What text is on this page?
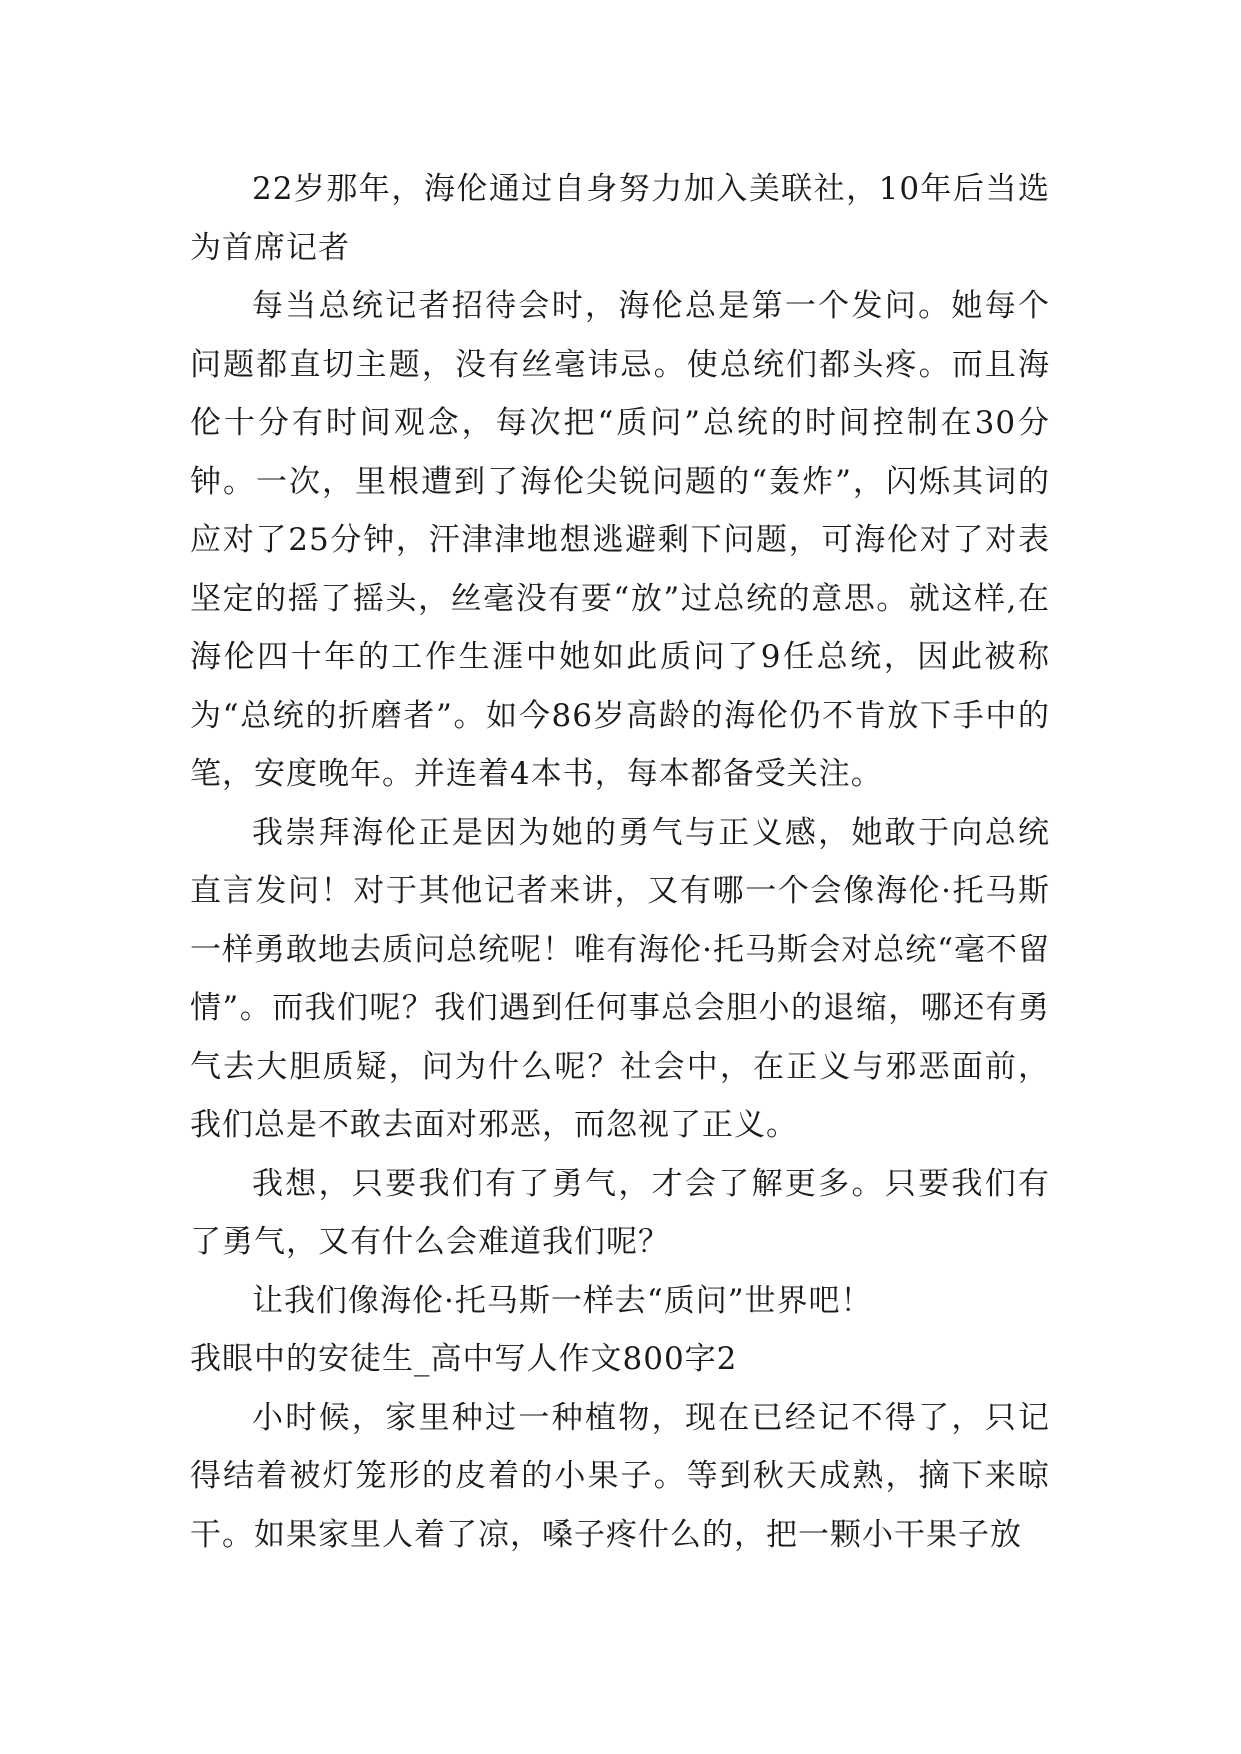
22岁那年，海伦通过自身努力加入美联社，10年后当选为首席记者

每当总统记者招待会时，海伦总是第一个发问。她每个问题都直切主题，没有丝毫讳忌。使总统们都头疼。而且海伦十分有时间观念，每次把“质问”总统的时间控制在30分钟。一次，里根遭到了海伦尖锐问题的“轰炸”，闪烁其词的应对了25分钟，汗津津地想逃避剩下问题，可海伦对了对表坚定的摇了摇头，丝毫没有要“放”过总统的意思。就这样,在海伦四十年的工作生涯中她如此质问了9任总统，因此被称为“总统的折磨者”。如今86岁高龄的海伦仍不肯放下手中的笔，安度晚年。并连着4本书，每本都备受关注。

我崇拜海伦正是因为她的勇气与正义感，她敢于向总统直言发问！对于其他记者来讲，又有哪一个会像海伦·托马斯一样勇敢地去质问总统呢！唯有海伦·托马斯会对总统“毫不留情”。而我们呢？我们遇到任何事总会胆小的退缩，哪还有勇气去大胆质疑，问为什么呢？社会中，在正义与邪恶面前，我们总是不敢去面对邪恶，而忽视了正义。

我想，只要我们有了勇气，才会了解更多。只要我们有了勇气，又有什么会难道我们呢？

让我们像海伦·托马斯一样去“质问”世界吧！

我眼中的安徒生_高中写人作文800字2

小时候，家里种过一种植物，现在已经记不得了，只记得结着被灯笼形的皮着的小果子。等到秋天成熟，摘下来晾干。如果家里人着了凉，嗓子疼什么的，把一颗小干果子放
